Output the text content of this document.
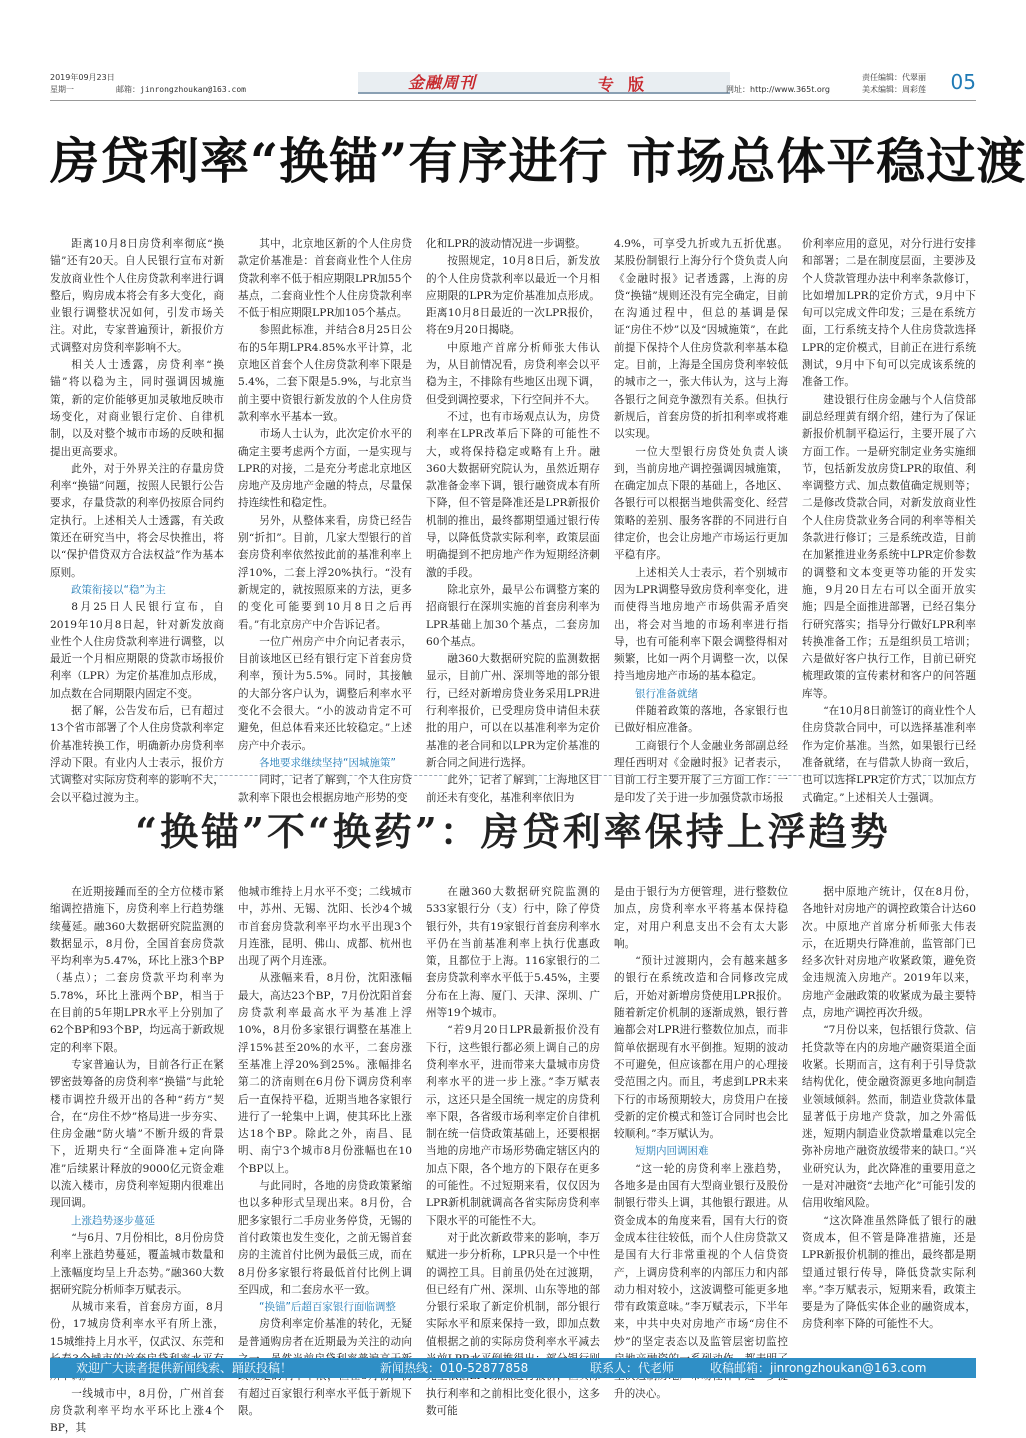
2019年09月23日
星期一	邮箱：jinrongzhoukan@163.com	金融周刊	专版	网址：http://www.365t.org
责任编辑：代翠丽
美术编辑：周彩莲 05
房贷利率“换锚”有序进行 市场总体平稳过渡

距离10月8日房贷利率彻底“换锚”还有20天。自人民银行宣布对新发放商业性个人住房贷款利率进行调整后，购房成本将会有多大变化，商业银行调整状况如何，引发市场关注。对此，专家普遍预计，新报价方式调整对房贷利率影响不大。

相关人士透露，房贷利率“换锚”将以稳为主，同时强调因城施策，新的定价能够更加灵敏地反映市场变化，对商业银行定价、自律机制，以及对整个城市市场的反映和掘提出更高要求。

此外，对于外界关注的存量房贷利率“换锚”问题，按照人民银行公告要求，存量贷款的利率仍按原合同约定执行。上述相关人士透露，有关政策还在研究当中，将会尽快推出，将以“保护借贷双方合法权益”作为基本原则。

政策衔接以“稳”为主

8月25日人民银行宣布，自2019年10月8日起，针对新发放商业性个人住房贷款利率进行调整，以最近一个月相应期限的贷款市场报价利率（LPR）为定价基准加点形成，加点数在合同期限内固定不变。

据了解，公告发布后，已有超过13个省市部署了个人住房贷款利率定价基准转换工作，明确新办房贷利率浮动下限。有业内人士表示，报价方式调整对实际房贷利率的影响不大，会以平稳过渡为主。

其中，北京地区新的个人住房贷款定价基准是：首套商业性个人住房贷款利率不低于相应期限LPR加55个基点，二套商业性个人住房贷款利率不低于相应期限LPR加105个基点。

参照此标准，并结合8月25日公布的5年期LPR4.85%水平计算，北京地区首套个人住房贷款利率下限是5.4%，二套下限是5.9%，与北京当前主要中资银行新发放的个人住房贷款利率水平基本一致。

市场人士认为，此次定价水平的确定主要考虑两个方面，一是实现与LPR的对接，二是充分考虑北京地区房地产及房地产金融的特点，尽量保持连续性和稳定性。

另外，从整体来看，房贷已经告别“折扣”。目前，几家大型银行的首套房贷利率依然按此前的基准利率上浮10%，二套上浮20%执行。“没有新规定的，就按照原来的方法，更多的变化可能要到10月8日之后再看。”有北京房产中介告诉记者。

一位广州房产中介向记者表示，目前该地区已经有银行定下首套房贷利率，预计为5.5%。同时，其接触的大部分客户认为，调整后利率水平变化不会很大。“小的波动肯定不可避免，但总体看来还比较稳定。”上述房产中介表示。

各地要求继续坚持“因城施策”

同时，记者了解到，个人住房贷款利率下限也会根据房地产形势的变

化和LPR的波动情况进一步调整。

按照规定，10月8日后，新发放的个人住房贷款利率以最近一个月相应期限的LPR为定价基准加点形成。距离10月8日最近的一次LPR报价，将在9月20日揭晓。

中原地产首席分析师张大伟认为，从目前情况看，房贷利率会以平稳为主，不排除有些地区出现下调，但受到调控要求，下行空间并不大。

不过，也有市场观点认为，房贷利率在LPR改革后下降的可能性不大，或将保持稳定或略有上升。融360大数据研究院认为，虽然近期存款准备金率下调，银行融资成本有所下降，但不管是降准还是LPR新报价机制的推出，最终都期望通过银行传导，以降低贷款实际利率，政策层面明确提到不把房地产作为短期经济刺激的手段。

除北京外，最早公布调整方案的招商银行在深圳实施的首套房利率为LPR基础上加30个基点，二套房加60个基点。

融360大数据研究院的监测数据显示，目前广州、深圳等地的部分银行，已经对新增房贷业务采用LPR进行利率报价，已受理房贷申请但未获批的用户，可以在以基准利率为定价基准的老合同和以LPR为定价基准的新合同之间进行选择。

此外，记者了解到，上海地区目前还未有变化，基准利率依旧为

4.9%，可享受九折或九五折优惠。某股份制银行上海分行个贷负责人向《金融时报》记者透露，上海的房贷“换锚”规则还没有完全确定，目前在沟通过程中，但总的基调是保证“房住不炒”以及“因城施策”，在此前提下保持个人住房贷款利率基本稳定。目前，上海是全国房贷利率较低的城市之一，张大伟认为，这与上海各银行之间竞争激烈有关系。但执行新规后，首套房贷的折扣利率或将难以实现。

一位大型银行房贷处负责人谈到，当前房地产调控强调因城施策，在确定加点下限的基础上，各地区、各银行可以根据当地供需变化、经营策略的差别、服务客群的不同进行自律定价，也会让房地产市场运行更加平稳有序。

上述相关人士表示，若个别城市因为LPR调整导致房贷利率变化，进而使得当地房地产市场供需矛盾突出，将会对当地的市场利率进行指导，也有可能利率下限会调整得相对频繁，比如一两个月调整一次，以保持当地房地产市场的基本稳定。

银行准备就绪

伴随着政策的落地，各家银行也已做好相应准备。

工商银行个人金融业务部副总经理任西明对《金融时报》记者表示，目前工行主要开展了三方面工作：一是印发了关于进一步加强贷款市场报

价利率应用的意见，对分行进行安排和部署；二是在制度层面，主要涉及个人贷款管理办法中利率条款修订，比如增加LPR的定价方式，9月中下旬可以完成文件印发；三是在系统方面，工行系统支持个人住房贷款选择LPR的定价模式，目前正在进行系统测试，9月中下旬可以完成该系统的准备工作。

建设银行住房金融与个人信贷部副总经理黄有纲介绍，建行为了保证新报价机制平稳运行，主要开展了六方面工作。一是研究制定业务实施细节，包括新发放房贷LPR的取值、利率调整方式、加点数值确定规则等；二是修改贷款合同，对新发放商业性个人住房贷款业务合同的利率等相关条款进行修订；三是系统改造，目前在加紧推进业务系统中LPR定价参数的调整和文本变更等功能的开发实施，9月20日左右可以全面开放实施；四是全面推进部署，已经召集分行研究落实；指导分行做好LPR利率转换准备工作；五是组织员工培训；六是做好客户执行工作，目前已研究梳理政策的宣传素材和客户的问答题库等。

“在10月8日前签订的商业性个人住房贷款合同中，可以选择基准利率作为定价基准。当然，如果银行已经准备就绪，在与借款人协商一致后，也可以选择LPR定价方式，以加点方式确定。”上述相关人士强调。

“换锚”不“换药”：房贷利率保持上浮趋势

在近期接踵而至的全方位楼市紧缩调控措施下，房贷利率上行趋势继续蔓延。融360大数据研究院监测的数据显示，8月份，全国首套房贷款平均利率为5.47%，环比上涨3个BP（基点）；二套房贷款平均利率为5.78%，环比上涨两个BP，相当于在目前的5年期LPR水平上分别加了62个BP和93个BP，均远高于新政规定的利率下限。

专家普遍认为，目前各行正在紧锣密鼓筹备的房贷利率“换锚”与此轮楼市调控升级开出的各种“药方”契合，在“房住不炒”格局进一步夯实、住房金融“防火墙”不断升级的背景下，近期央行“全面降准+定向降准”后续累计释放的9000亿元资金难以流入楼市，房贷利率短期内很难出现回调。

上涨趋势逐步蔓延

“与6月、7月份相比，8月份房贷利率上涨趋势蔓延，覆盖城市数量和上涨幅度均呈上升态势。”融360大数据研究院分析师李万赋表示。

从城市来看，首套房方面，8月份，17城房贷利率水平有所上涨，15城维持上月水平，仅武汉、东莞和

一线城市中，8月份，广州首套房贷款利率平均水平环比上涨4个BP，其

他城市维持上月水平不变；二线城市中，苏州、无锡、沈阳、长沙4个城市首套房贷款利率平均水平出现3个月连涨，昆明、佛山、成都、杭州也出现了两个月连涨。

从涨幅来看，8月份，沈阳涨幅最大，高达23个BP，7月份沈阳首套房贷款利率最高水平为基准上浮10%，8月份多家银行调整在基准上浮15%甚至20%的水平，二套房涨至基准上浮20%到25%。涨幅排名第二的济南则在6月份下调房贷利率后一直保持平稳，近期当地各家银行进行了一轮集中上调，使其环比上涨达18个BP。除此之外，南昌、昆明、南宁3个城市8月份涨幅也在10个BP以上。

与此同时，各地的房贷政策紧缩也以多种形式呈现出来。8月份，合肥多家银行二手房业务停贷，无锡的首付政策也发生变化，之前无锡首套房的主流首付比例为最低三成，而在8月份多家银行将最低首付比例上调至四成，和二套房水平一致。

“换锚”后超百家银行面临调整

房贷利率定价基准的转化，无疑是普通购房者在近期最为关注的动向 有超过百家银行利率水平低于新规下限。

在融360大数据研究院监测的533家银行分（支）行中，除了停贷银行外，共有19家银行首套房利率水平仍在当前基准利率上执行优惠政策，且都位于上海。116家银行的二套房贷款利率水平低于5.45%，主要分布在上海、厦门、天津、深圳、广州等19个城市。

“若9月20日LPR最新报价没有下行，这些银行都必须上调自己的房贷利率水平，进而带来大量城市房贷利率水平的进一步上涨。”李万赋表示，这还只是全国统一规定的房贷利率下限，各省级市场利率定价自律机制在统一信贷政策基础上，还要根据当地的房地产市场形势确定辖区内的加点下限，各个地方的下限存在更多的可能性。不过短期来看，仅仅因为LPR新机制就调高各省实际房贷利率下限水平的可能性不大。

对于此次新政带来的影响，李万赋进一步分析称，LPR只是一个中性的调控工具。目前虽仍处在过渡期，但已经有广州、深圳、山东等地的部分银行采取了新定价机制，部分银行实际水平和原来保持一致，即加点数值根据之前的实际房贷利率水平减去 执行利率和之前相比变化很小，这多数可能

是由于银行为方便管理，进行整数位加点，房贷利率水平将基本保持稳定，对用户利息支出不会有太大影响。

“预计过渡期内，会有越来越多的银行在系统改造和合同修改完成后，开始对新增房贷使用LPR报价。随着新定价机制的逐渐成熟，银行普遍都会对LPR进行整数位加点，而非简单依据现有水平倒推。短期的波动不可避免，但应该都在用户的心理接受范围之内。而且，考虑到LPR未来下行的市场预期较大，房贷用户在接受新的定价模式和签订合同时也会比较顺利。”李万赋认为。

短期内回调困难

“这一轮的房贷利率上涨趋势，各地多是由国有大型商业银行及股份制银行带头上调，其他银行跟进。从资金成本的角度来看，国有大行的资金成本往往较低，而个人住房贷款又是国有大行非常重视的个人信贷资产，上调房贷利率的内部压力和内部动力相对较小，这波调整可能更多地带有政策意味。”李万赋表示，下半年来，中共中央对房地产市场“房住不炒”的坚定表态以及监管层密切监控 升的决心。

据中原地产统计，仅在8月份，各地针对房地产的调控政策合计达60次。中原地产首席分析师张大伟表示，在近期央行降准前，监管部门已经多次针对房地产收紧政策，避免资金违规流入房地产。2019年以来，房地产金融政策的收紧成为最主要特点，房地产调控再次升级。

“7月份以来，包括银行贷款、信托贷款等在内的房地产融资渠道全面收紧。长期而言，这有利于引导贷款结构优化，使金融资源更多地向制造业领域倾斜。然而，制造业贷款体量显著低于房地产贷款，加之外需低迷，短期内制造业贷款增量难以完全弥补房地产融资放缓带来的缺口。”兴业研究认为，此次降准的重要用意之一是对冲融资“去地产化”可能引发的信用收缩风险。

“这次降准虽然降低了银行的融资成本，但不管是降准措施，还是LPR新报价机制的推出，最终都是期望通过银行传导，降低贷款实际利率。”李万赋表示，短期来看，政策主要是为了降低实体企业的融资成本，房贷利率下降的可能性不大。

欢迎广大读者提供新闻线索、踊跃投稿！	新闻热线：010-52877858	联系人：代老师	收稿邮箱：jinrongzhoukan@163.com
